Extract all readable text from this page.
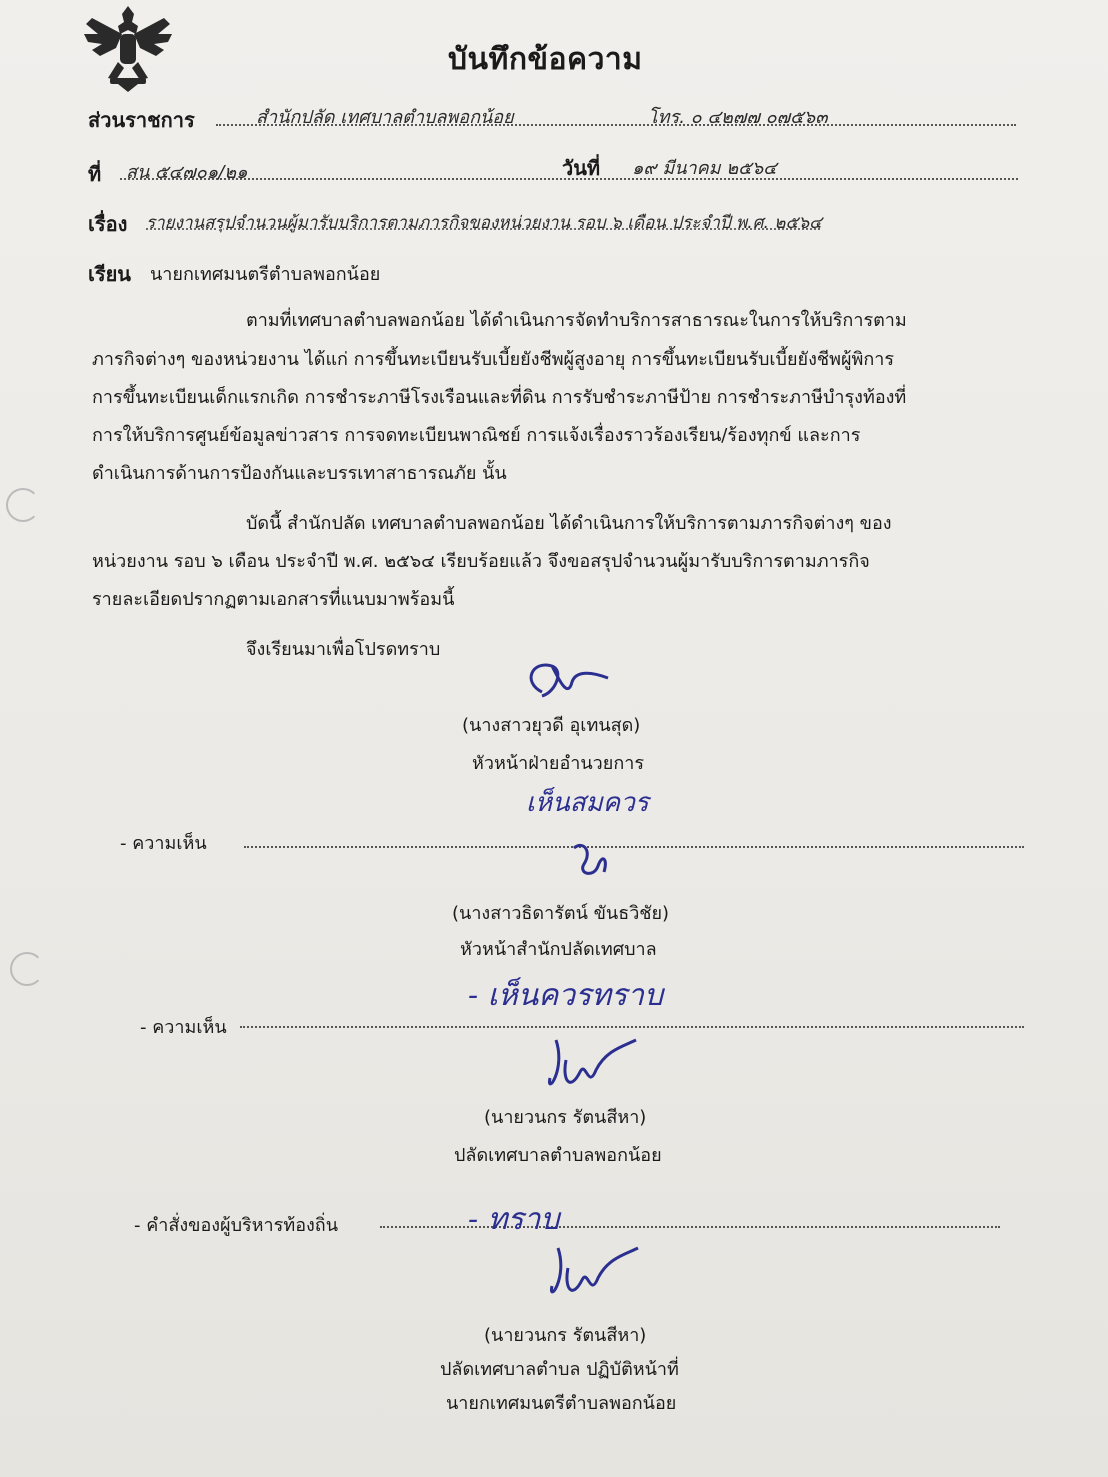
บันทึกข้อความ
ส่วนราชการ	สำนักปลัด เทศบาลตำบลพอกน้อย	โทร. ๐ ๔๒๗๗ ๐๗๕๖๓
ที่ สน ๕๔๗๐๑/๒๑	วันที่ ๑๙ มีนาคม ๒๕๖๔
เรื่อง รายงานสรุปจำนวนผู้มารับบริการตามภารกิจของหน่วยงาน รอบ ๖ เดือน ประจำปี พ.ศ. ๒๕๖๔
เรียน นายกเทศมนตรีตำบลพอกน้อย
ตามที่เทศบาลตำบลพอกน้อย ได้ดำเนินการจัดทำบริการสาธารณะในการให้บริการตาม
ภารกิจต่างๆ ของหน่วยงาน ได้แก่ การขึ้นทะเบียนรับเบี้ยยังชีพผู้สูงอายุ การขึ้นทะเบียนรับเบี้ยยังชีพผู้พิการ
การขึ้นทะเบียนเด็กแรกเกิด การชำระภาษีโรงเรือนและที่ดิน การรับชำระภาษีป้าย การชำระภาษีบำรุงท้องที่
การให้บริการศูนย์ข้อมูลข่าวสาร การจดทะเบียนพาณิชย์ การแจ้งเรื่องราวร้องเรียน/ร้องทุกข์ และการ
ดำเนินการด้านการป้องกันและบรรเทาสาธารณภัย นั้น
บัดนี้ สำนักปลัด เทศบาลตำบลพอกน้อย ได้ดำเนินการให้บริการตามภารกิจต่างๆ ของ
หน่วยงาน รอบ ๖ เดือน ประจำปี พ.ศ. ๒๕๖๔ เรียบร้อยแล้ว จึงขอสรุปจำนวนผู้มารับบริการตามภารกิจ
รายละเอียดปรากฏตามเอกสารที่แนบมาพร้อมนี้
จึงเรียนมาเพื่อโปรดทราบ
(นางสาวยุวดี อุเทนสุด)
หัวหน้าฝ่ายอำนวยการ
- ความเห็น
เห็นสมควร
(นางสาวธิดารัตน์ ขันธวิชัย)
หัวหน้าสำนักปลัดเทศบาล
- ความเห็น
- เห็นควรทราบ
(นายวนกร รัตนสีหา)
ปลัดเทศบาลตำบลพอกน้อย
- คำสั่งของผู้บริหารท้องถิ่น	- ทราบ
(นายวนกร รัตนสีหา)
ปลัดเทศบาลตำบล ปฏิบัติหน้าที่
นายกเทศมนตรีตำบลพอกน้อย
